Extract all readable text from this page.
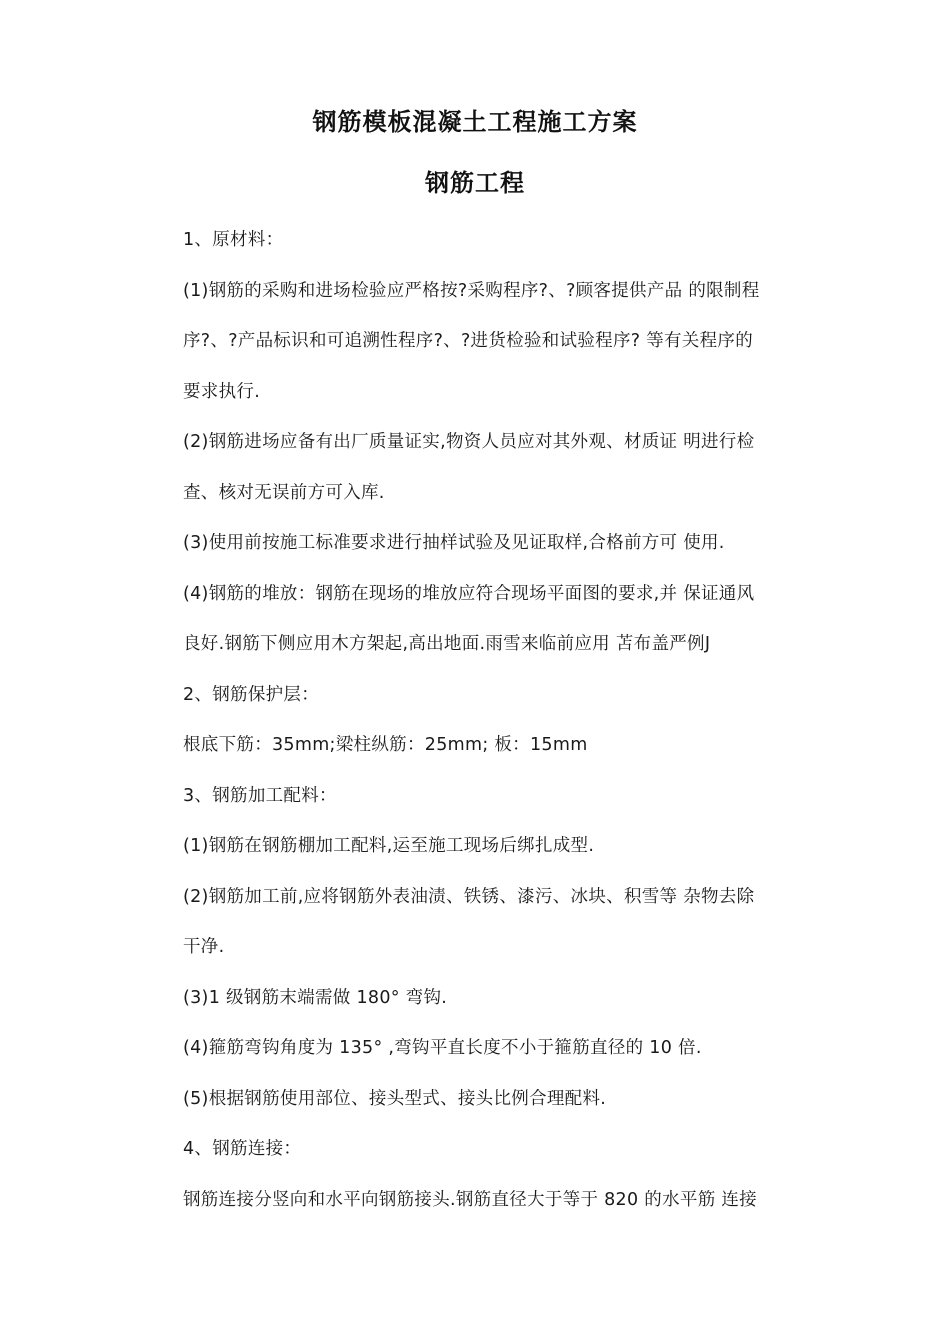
钢筋模板混凝土工程施工方案
钢筋工程
1、原材料：
(1)钢筋的采购和进场检验应严格按?采购程序?、?顾客提供产品 的限制程
序?、?产品标识和可追溯性程序?、?进货检验和试验程序? 等有关程序的
要求执行.
(2)钢筋进场应备有出厂质量证实,物资人员应对其外观、材质证 明进行检
查、核对无误前方可入库.
(3)使用前按施工标准要求进行抽样试验及见证取样,合格前方可 使用.
(4)钢筋的堆放：钢筋在现场的堆放应符合现场平面图的要求,并 保证通风
良好.钢筋下侧应用木方架起,高出地面.雨雪来临前应用 苫布盖严例J
2、钢筋保护层：
根底下筋：35mm;梁柱纵筋：25mm; 板：15mm
3、钢筋加工配料：
(1)钢筋在钢筋棚加工配料,运至施工现场后绑扎成型.
(2)钢筋加工前,应将钢筋外表油渍、铁锈、漆污、冰块、积雪等 杂物去除
干净.
(3)1 级钢筋末端需做 180° 弯钩.
(4)箍筋弯钩角度为 135° ,弯钩平直长度不小于箍筋直径的 10 倍.
(5)根据钢筋使用部位、接头型式、接头比例合理配料.
4、钢筋连接：
钢筋连接分竖向和水平向钢筋接头.钢筋直径大于等于 820 的水平筋 连接
